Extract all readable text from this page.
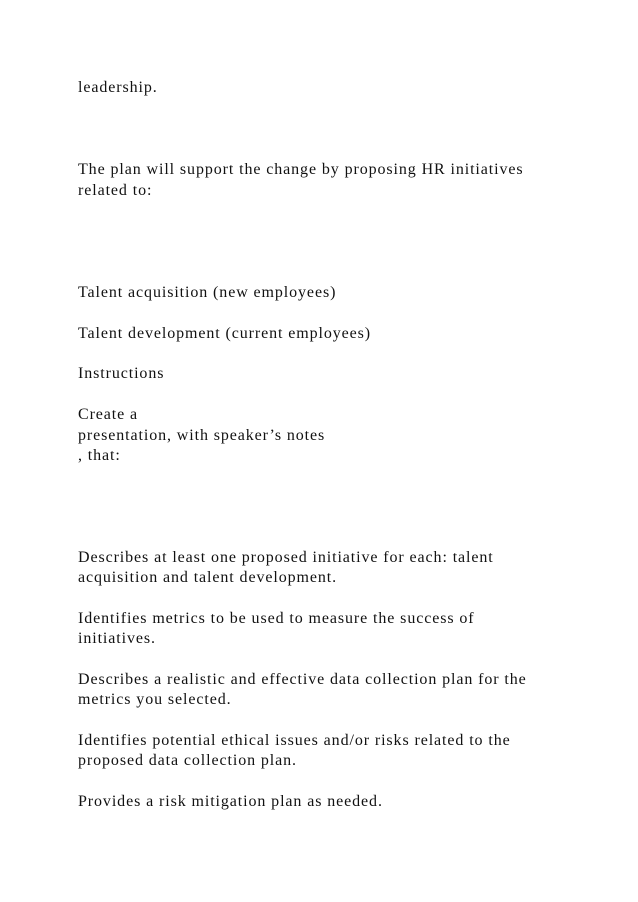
leadership.

The plan will support the change by proposing HR initiatives

related to:

Talent acquisition (new employees)

Talent development (current employees)

Instructions

Create a

presentation, with speaker’s notes

, that:

Describes at least one proposed initiative for each: talent

acquisition and talent development.

Identifies metrics to be used to measure the success of

initiatives.

Describes a realistic and effective data collection plan for the

metrics you selected.

Identifies potential ethical issues and/or risks related to the

proposed data collection plan.

Provides a risk mitigation plan as needed.
